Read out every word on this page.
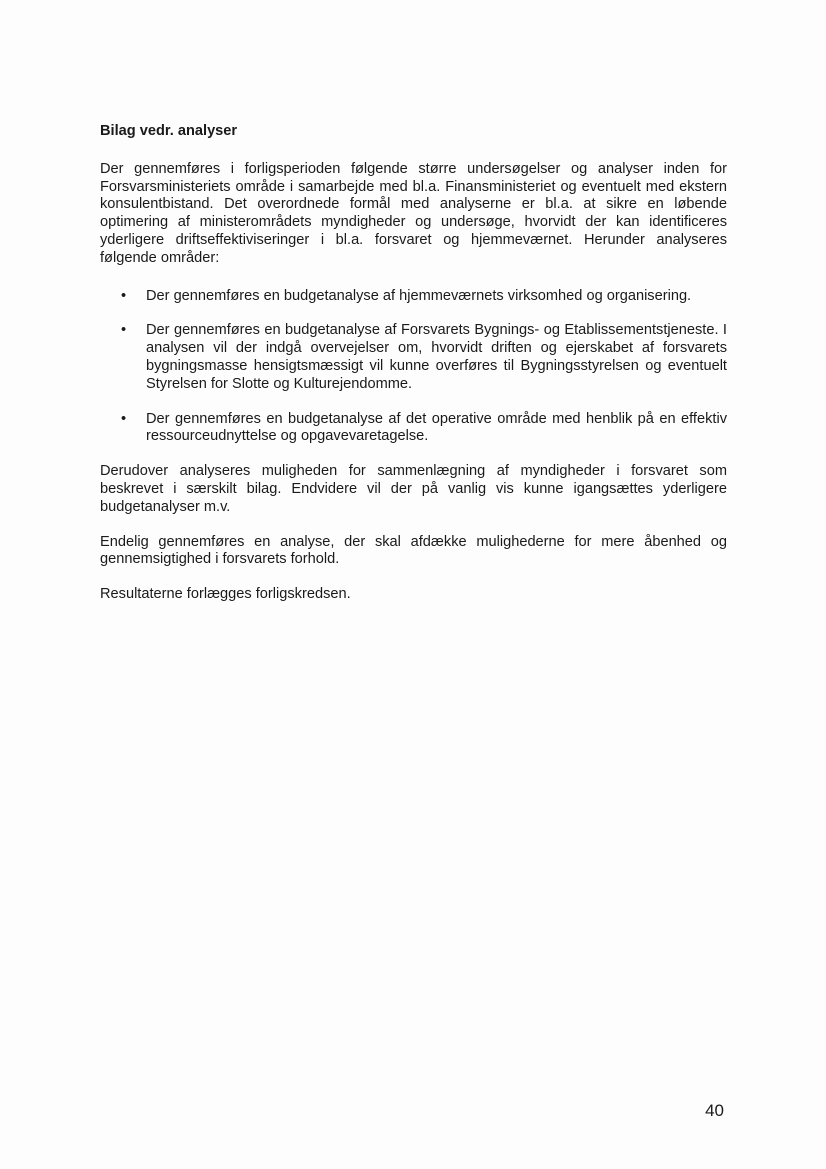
Bilag vedr. analyser
Der gennemføres i forligsperioden følgende større undersøgelser og analyser inden for Forsvarsministeriets område i samarbejde med bl.a. Finansministeriet og eventuelt med ekstern konsulentbistand. Det overordnede formål med analyserne er bl.a. at sikre en løbende optimering af ministerområdets myndigheder og undersøge, hvorvidt der kan identificeres yderligere driftseffektiviseringer i bl.a. forsvaret og hjemmeværnet. Herunder analyseres følgende områder:
• Der gennemføres en budgetanalyse af hjemmeværnets virksomhed og organisering.
• Der gennemføres en budgetanalyse af Forsvarets Bygnings- og Etablissementstjeneste. I analysen vil der indgå overvejelser om, hvorvidt driften og ejerskabet af forsvarets bygningsmasse hensigtsmæssigt vil kunne overføres til Bygningsstyrelsen og eventuelt Styrelsen for Slotte og Kulturejendomme.
• Der gennemføres en budgetanalyse af det operative område med henblik på en effektiv ressourceudnyttelse og opgavevaretagelse.
Derudover analyseres muligheden for sammenlægning af myndigheder i forsvaret som beskrevet i særskilt bilag. Endvidere vil der på vanlig vis kunne igangsættes yderligere budgetanalyser m.v.
Endelig gennemføres en analyse, der skal afdække mulighederne for mere åbenhed og gennemsigtighed i forsvarets forhold.
Resultaterne forlægges forligskredsen.
40
